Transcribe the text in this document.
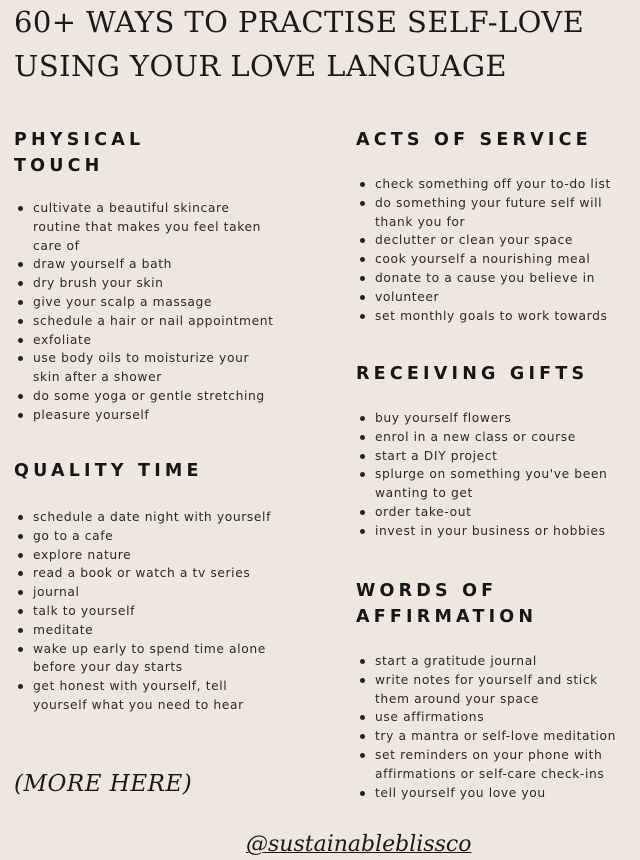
60+ WAYS TO PRACTISE SELF-LOVE
USING YOUR LOVE LANGUAGE
PHYSICAL
TOUCH
cultivate a beautiful skincare routine that makes you feel taken care of
draw yourself a bath
dry brush your skin
give your scalp a massage
schedule a hair or nail appointment
exfoliate
use body oils to moisturize your skin after a shower
do some yoga or gentle stretching
pleasure yourself
QUALITY TIME
schedule a date night with yourself
go to a cafe
explore nature
read a book or watch a tv series
journal
talk to yourself
meditate
wake up early to spend time alone before your day starts
get honest with yourself, tell yourself what you need to hear
ACTS OF SERVICE
check something off your to-do list
do something your future self will thank you for
declutter or clean your space
cook yourself a nourishing meal
donate to a cause you believe in
volunteer
set monthly goals to work towards
RECEIVING GIFTS
buy yourself flowers
enrol in a new class or course
start a DIY project
splurge on something you've been wanting to get
order take-out
invest in your business or hobbies
WORDS OF
AFFIRMATION
start a gratitude journal
write notes for yourself and stick them around your space
use affirmations
try a mantra or self-love meditation
set reminders on your phone with affirmations or self-care check-ins
tell yourself you love you
(MORE HERE)
@sustainableblissco
